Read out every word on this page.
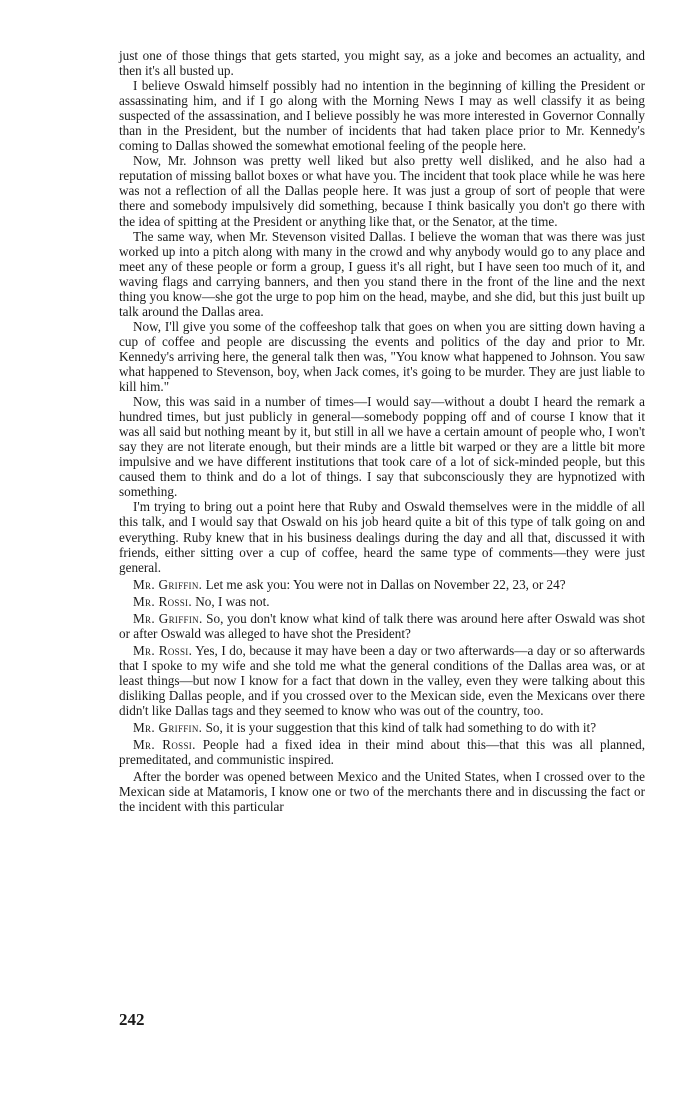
just one of those things that gets started, you might say, as a joke and becomes an actuality, and then it's all busted up.

I believe Oswald himself possibly had no intention in the beginning of killing the President or assassinating him, and if I go along with the Morning News I may as well classify it as being suspected of the assassination, and I believe possibly he was more interested in Governor Connally than in the President, but the number of incidents that had taken place prior to Mr. Kennedy's coming to Dallas showed the somewhat emotional feeling of the people here.

Now, Mr. Johnson was pretty well liked but also pretty well disliked, and he also had a reputation of missing ballot boxes or what have you. The incident that took place while he was here was not a reflection of all the Dallas people here. It was just a group of sort of people that were there and somebody impulsively did something, because I think basically you don't go there with the idea of spitting at the President or anything like that, or the Senator, at the time.

The same way, when Mr. Stevenson visited Dallas. I believe the woman that was there was just worked up into a pitch along with many in the crowd and why anybody would go to any place and meet any of these people or form a group, I guess it's all right, but I have seen too much of it, and waving flags and carrying banners, and then you stand there in the front of the line and the next thing you know—she got the urge to pop him on the head, maybe, and she did, but this just built up talk around the Dallas area.

Now, I'll give you some of the coffeeshop talk that goes on when you are sitting down having a cup of coffee and people are discussing the events and politics of the day and prior to Mr. Kennedy's arriving here, the general talk then was, "You know what happened to Johnson. You saw what happened to Stevenson, boy, when Jack comes, it's going to be murder. They are just liable to kill him."

Now, this was said in a number of times—I would say—without a doubt I heard the remark a hundred times, but just publicly in general—somebody popping off and of course I know that it was all said but nothing meant by it, but still in all we have a certain amount of people who, I won't say they are not literate enough, but their minds are a little bit warped or they are a little bit more impulsive and we have different institutions that took care of a lot of sick-minded people, but this caused them to think and do a lot of things. I say that subconsciously they are hypnotized with something.

I'm trying to bring out a point here that Ruby and Oswald themselves were in the middle of all this talk, and I would say that Oswald on his job heard quite a bit of this type of talk going on and everything. Ruby knew that in his business dealings during the day and all that, discussed it with friends, either sitting over a cup of coffee, heard the same type of comments—they were just general.

Mr. Griffin. Let me ask you: You were not in Dallas on November 22, 23, or 24?

Mr. Rossi. No, I was not.

Mr. Griffin. So, you don't know what kind of talk there was around here after Oswald was shot or after Oswald was alleged to have shot the President?

Mr. Rossi. Yes, I do, because it may have been a day or two afterwards—a day or so afterwards that I spoke to my wife and she told me what the general conditions of the Dallas area was, or at least things—but now I know for a fact that down in the valley, even they were talking about this disliking Dallas people, and if you crossed over to the Mexican side, even the Mexicans over there didn't like Dallas tags and they seemed to know who was out of the country, too.

Mr. Griffin. So, it is your suggestion that this kind of talk had something to do with it?

Mr. Rossi. People had a fixed idea in their mind about this—that this was all planned, premeditated, and communistic inspired.

After the border was opened between Mexico and the United States, when I crossed over to the Mexican side at Matamoris, I know one or two of the merchants there and in discussing the fact or the incident with this particular

242
